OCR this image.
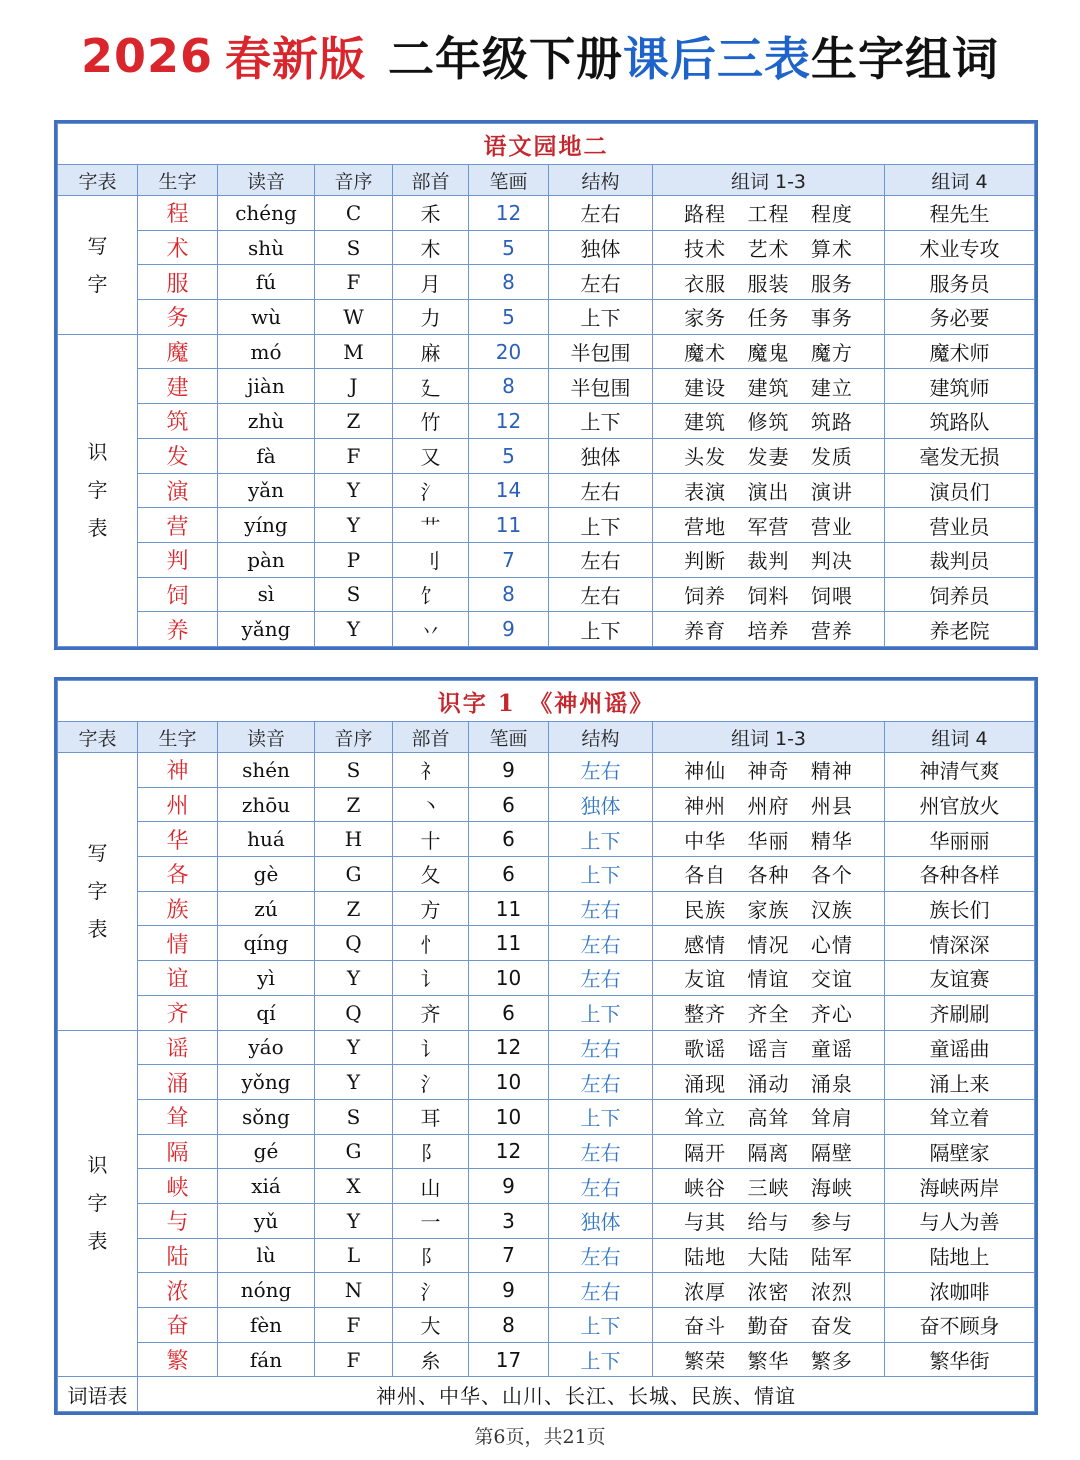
2026 春新版 二年级下册 课后三表 生字组词
语文园地二								
字表	生字	读音	音序	部首	笔画	结构	组词 1-3	组词 4

写
字	程	chéng	C	禾	12	左右	路程 工程 程度	程先生
	术	shù	S	木	5	独体	技术 艺术 算术	术业专攻
	服	fú	F	月	8	左右	衣服 服装 服务	服务员
	务	wù	W	力	5	上下	家务 任务 事务	务必要

识
字
表	魔	mó	M	麻	20	半包围	魔术 魔鬼 魔方	魔术师
	建	jiàn	J	廴	8	半包围	建设 建筑 建立	建筑师
	筑	zhù	Z	竹	12	上下	建筑 修筑 筑路	筑路队
	发	fà	F	又	5	独体	头发 发妻 发质	毫发无损
	演	yǎn	Y	氵	14	左右	表演 演出 演讲	演员们
	营	yíng	Y	艹	11	上下	营地 军营 营业	营业员
	判	pàn	P	刂	7	左右	判断 裁判 判决	裁判员
	饲	sì	S	饣	8	左右	饲养 饲料 饲喂	饲养员
	养	yǎng	Y	丷	9	上下	养育 培养 营养	养老院
识字 1　《神州谣》								
字表	生字	读音	音序	部首	笔画	结构	组词 1-3	组词 4

写
字
表	神	shén	S	礻	9	左右	神仙 神奇 精神	神清气爽
	州	zhōu	Z	丶	6	独体	神州 州府 州县	州官放火
	华	huá	H	十	6	上下	中华 华丽 精华	华丽丽
	各	gè	G	夂	6	上下	各自 各种 各个	各种各样
	族	zú	Z	方	11	左右	民族 家族 汉族	族长们
	情	qíng	Q	忄	11	左右	感情 情况 心情	情深深
	谊	yì	Y	讠	10	左右	友谊 情谊 交谊	友谊赛
	齐	qí	Q	齐	6	上下	整齐 齐全 齐心	齐刷刷

识
字
表	谣	yáo	Y	讠	12	左右	歌谣 谣言 童谣	童谣曲
	涌	yǒng	Y	氵	10	左右	涌现 涌动 涌泉	涌上来
	耸	sǒng	S	耳	10	上下	耸立 高耸 耸肩	耸立着
	隔	gé	G	阝	12	左右	隔开 隔离 隔壁	隔壁家
	峡	xiá	X	山	9	左右	峡谷 三峡 海峡	海峡两岸
	与	yǔ	Y	一	3	独体	与其 给与 参与	与人为善
	陆	lù	L	阝	7	左右	陆地 大陆 陆军	陆地上
	浓	nóng	N	氵	9	左右	浓厚 浓密 浓烈	浓咖啡
	奋	fèn	F	大	8	上下	奋斗 勤奋 奋发	奋不顾身
	繁	fán	F	糸	17	上下	繁荣 繁华 繁多	繁华街
词语表	神州、中华、山川、长江、长城、民族、情谊							
第6页，共21页
